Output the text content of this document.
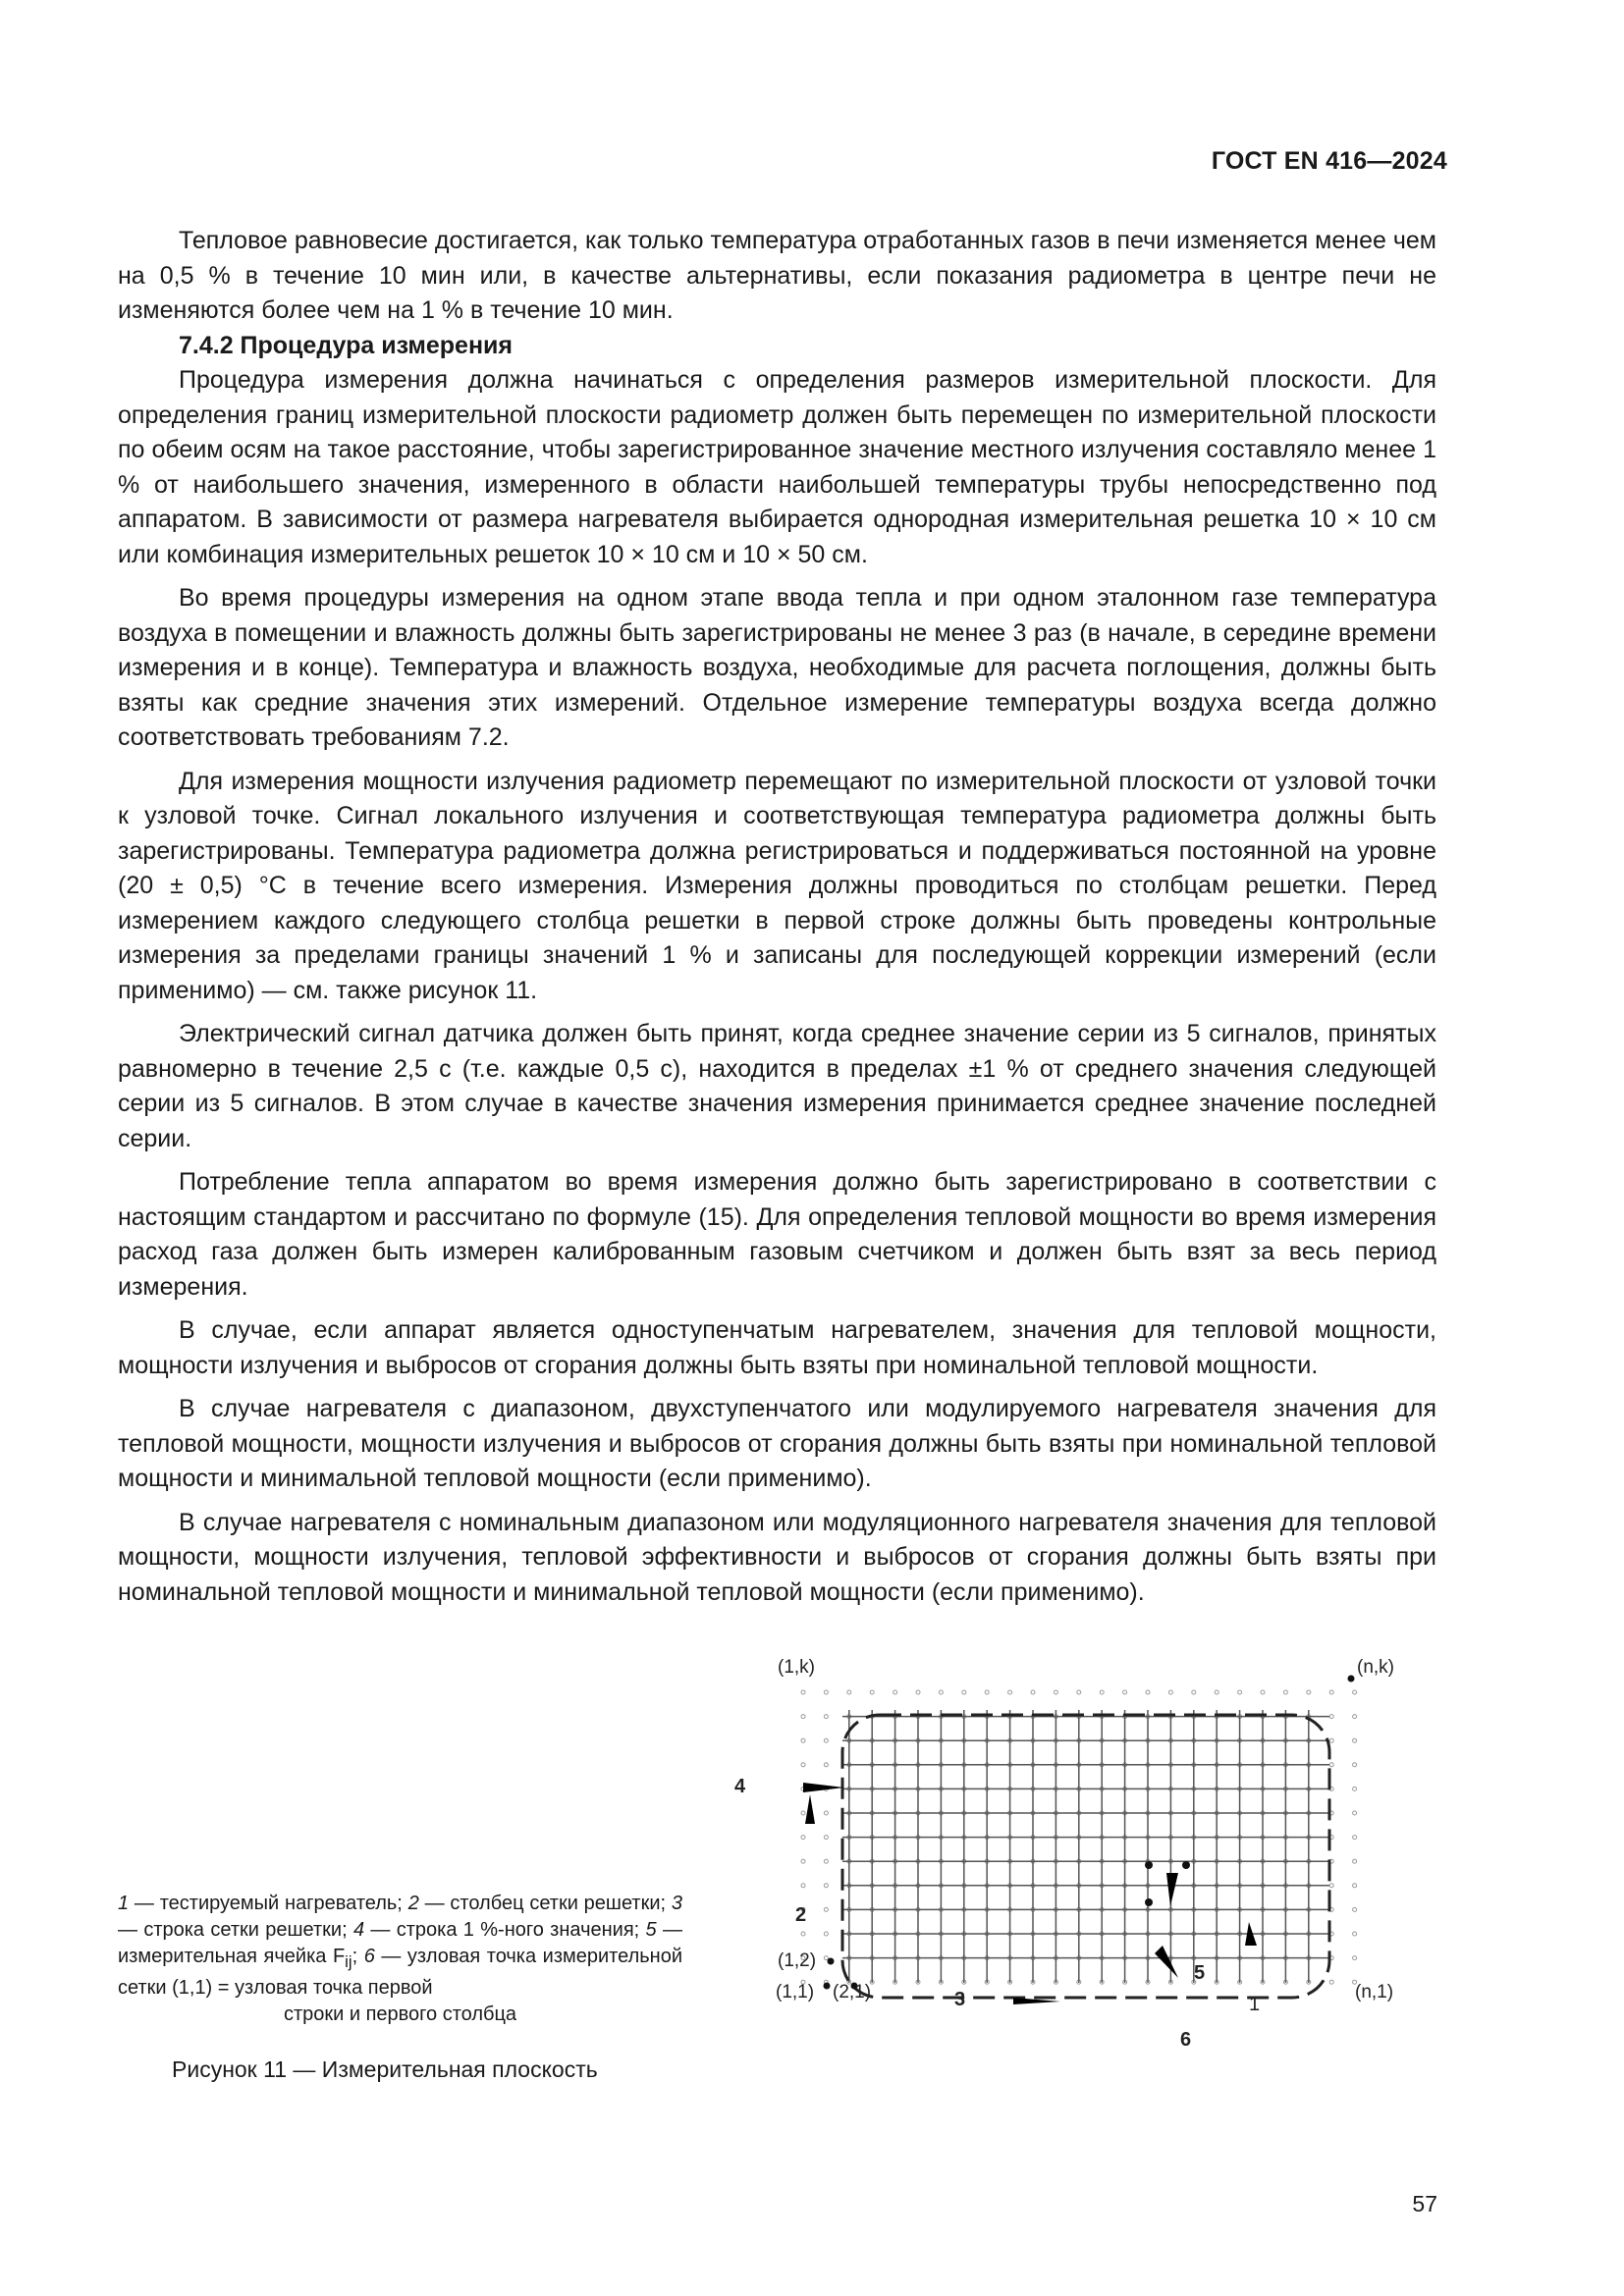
ГОСТ EN 416—2024

Тепловое равновесие достигается, как только температура отработанных газов в печи изменяется менее чем на 0,5 % в течение 10 мин или, в качестве альтернативы, если показания радиометра в центре печи не изменяются более чем на 1 % в течение 10 мин.

7.4.2 Процедура измерения

Процедура измерения должна начинаться с определения размеров измерительной плоскости. Для определения границ измерительной плоскости радиометр должен быть перемещен по измерительной плоскости по обеим осям на такое расстояние, чтобы зарегистрированное значение местного излучения составляло менее 1 % от наибольшего значения, измеренного в области наибольшей температуры трубы непосредственно под аппаратом. В зависимости от размера нагревателя выбирается однородная измерительная решетка 10 × 10 см или комбинация измерительных решеток 10 × 10 см и 10 × 50 см.

Во время процедуры измерения на одном этапе ввода тепла и при одном эталонном газе температура воздуха в помещении и влажность должны быть зарегистрированы не менее 3 раз (в начале, в середине времени измерения и в конце). Температура и влажность воздуха, необходимые для расчета поглощения, должны быть взяты как средние значения этих измерений. Отдельное измерение температуры воздуха всегда должно соответствовать требованиям 7.2.

Для измерения мощности излучения радиометр перемещают по измерительной плоскости от узловой точки к узловой точке. Сигнал локального излучения и соответствующая температура радиометра должны быть зарегистрированы. Температура радиометра должна регистрироваться и поддерживаться постоянной на уровне (20 ± 0,5) °C в течение всего измерения. Измерения должны проводиться по столбцам решетки. Перед измерением каждого следующего столбца решетки в первой строке должны быть проведены контрольные измерения за пределами границы значений 1 % и записаны для последующей коррекции измерений (если применимо) — см. также рисунок 11.

Электрический сигнал датчика должен быть принят, когда среднее значение серии из 5 сигналов, принятых равномерно в течение 2,5 с (т.е. каждые 0,5 с), находится в пределах ±1 % от среднего значения следующей серии из 5 сигналов. В этом случае в качестве значения измерения принимается среднее значение последней серии.

Потребление тепла аппаратом во время измерения должно быть зарегистрировано в соответствии с настоящим стандартом и рассчитано по формуле (15). Для определения тепловой мощности во время измерения расход газа должен быть измерен калиброванным газовым счетчиком и должен быть взят за весь период измерения.

В случае, если аппарат является одноступенчатым нагревателем, значения для тепловой мощности, мощности излучения и выбросов от сгорания должны быть взяты при номинальной тепловой мощности.

В случае нагревателя с диапазоном, двухступенчатого или модулируемого нагревателя значения для тепловой мощности, мощности излучения и выбросов от сгорания должны быть взяты при номинальной тепловой мощности и минимальной тепловой мощности (если применимо).

В случае нагревателя с номинальным диапазоном или модуляционного нагревателя значения для тепловой мощности, мощности излучения, тепловой эффективности и выбросов от сгорания должны быть взяты при номинальной тепловой мощности и минимальной тепловой мощности (если применимо).

1 — тестируемый нагреватель; 2 — столбец сетки решетки; 3 — строка сетки решетки; 4 — строка 1 %-ного значения; 5 — измерительная ячейка $F_{ij}$; 6 — узловая точка измерительной сетки (1,1) = узловая точка первой
строки и первого столбца
Рисунок 11 — Измерительная плоскость
(1,k)	(n,k)
(1,2)
(1,1) (2,1)	(n,1)
4
2
3
5
1
6
57
